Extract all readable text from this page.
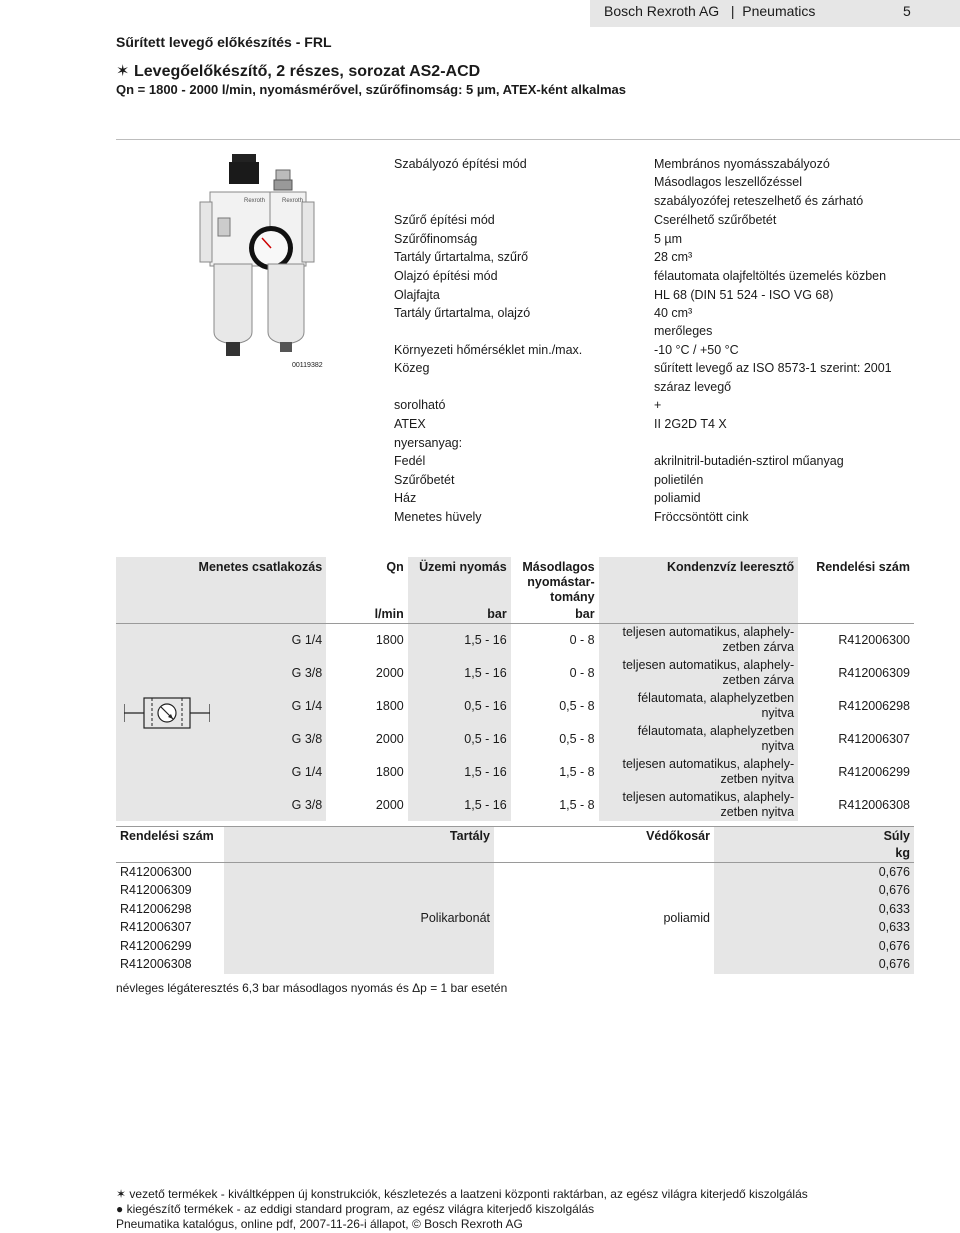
Bosch Rexroth AG   |  Pneumatics	5
Sűrített levegő előkészítés - FRL
✶ Levegőelőkészítő, 2 részes, sorozat AS2-ACD
Qn = 1800 - 2000 l/min, nyomásmérővel, szűrőfinomság: 5 µm, ATEX-ként alkalmas
Rexroth	Rexroth
00119382
Szabályozó építési mód	Membrános nyomásszabályozó
Másodlagos leszellőzéssel
szabályozófej reteszelhető és zárható
Szűrő építési mód	Cserélhető szűrőbetét
Szűrőfinomság	5 µm
Tartály űrtartalma, szűrő	28 cm³
Olajzó építési mód	félautomata olajfeltöltés üzemelés közben
Olajfajta	HL 68 (DIN 51 524 - ISO VG 68)
Tartály űrtartalma, olajzó	40 cm³
merőleges
Környezeti hőmérséklet min./max.	-10 °C / +50 °C
Közeg	sűrített levegő az ISO 8573-1 szerint: 2001
száraz levegő
sorolható	+
ATEX	II 2G2D T4 X
nyersanyag:
Fedél	akrilnitril-butadién-sztirol műanyag
Szűrőbetét	polietilén
Ház	poliamid
Menetes hüvely	Fröccsöntött cink
Menetes csatlakozás	Qn	Üzemi nyomás	Másodlagos nyomástar-tomány	Kondenzvíz leeresztő	Rendelési szám
	l/min	bar	bar		
G 1/4	1800	1,5 - 16	0 - 8	teljesen automatikus, alaphely-
zetben zárva	R412006300
G 3/8	2000	1,5 - 16	0 - 8	teljesen automatikus, alaphely-
zetben zárva	R412006309
G 1/4	1800	0,5 - 16	0,5 - 8	félautomata, alaphelyzetben
nyitva	R412006298
G 3/8	2000	0,5 - 16	0,5 - 8	félautomata, alaphelyzetben
nyitva	R412006307
G 1/4	1800	1,5 - 16	1,5 - 8	teljesen automatikus, alaphely-
zetben nyitva	R412006299
G 3/8	2000	1,5 - 16	1,5 - 8	teljesen automatikus, alaphely-
zetben nyitva	R412006308
Rendelési szám	Tartály	Védőkosár	Súly
			kg
R412006300	Polikarbonát	poliamid	0,676
R412006309			0,676
R412006298			0,633
R412006307			0,633
R412006299			0,676
R412006308			0,676
névleges légáteresztés 6,3 bar másodlagos nyomás és Δp = 1 bar esetén
✶ vezető termékek - kiváltképpen új konstrukciók, készletezés a laatzeni központi raktárban, az egész világra kiterjedő kiszolgálás
● kiegészítő termékek - az eddigi standard program, az egész világra kiterjedő kiszolgálás
Pneumatika katalógus, online pdf, 2007-11-26-i állapot, © Bosch Rexroth AG
